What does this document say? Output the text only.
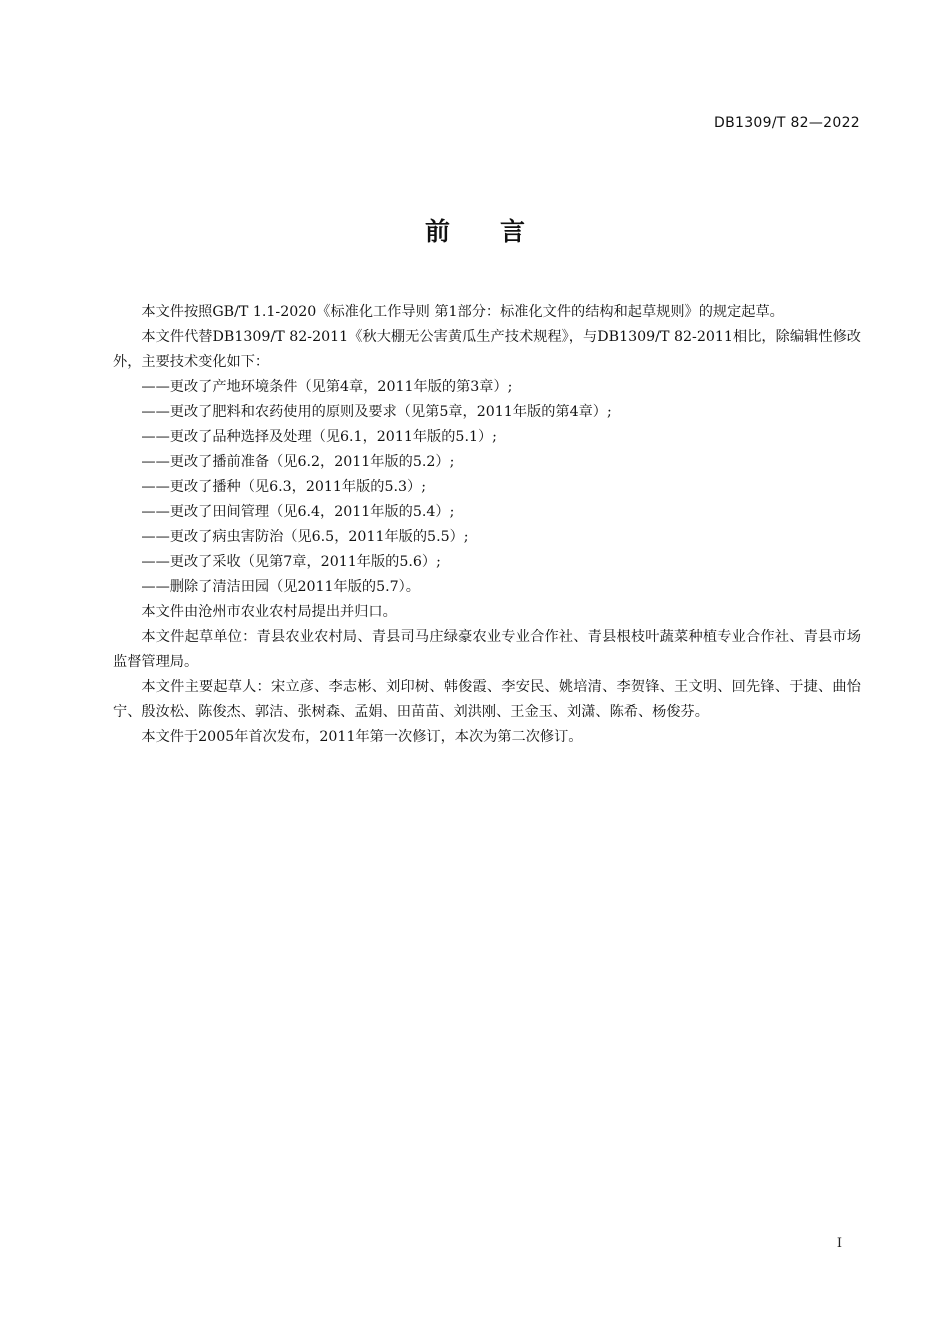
DB1309/T 82—2022
前言

本文件按照GB/T 1.1-2020《标准化工作导则 第1部分：标准化文件的结构和起草规则》的规定起草。

本文件代替DB1309/T 82-2011《秋大棚无公害黄瓜生产技术规程》，与DB1309/T 82-2011相比，除编辑性修改外，主要技术变化如下：

——更改了产地环境条件（见第4章，2011年版的第3章）;

——更改了肥料和农药使用的原则及要求（见第5章，2011年版的第4章）;

——更改了品种选择及处理（见6.1，2011年版的5.1）;

——更改了播前准备（见6.2，2011年版的5.2）;

——更改了播种（见6.3，2011年版的5.3）;

——更改了田间管理（见6.4，2011年版的5.4）;

——更改了病虫害防治（见6.5，2011年版的5.5）;

——更改了采收（见第7章，2011年版的5.6）;

——删除了清洁田园（见2011年版的5.7）。

本文件由沧州市农业农村局提出并归口。

本文件起草单位：青县农业农村局、青县司马庄绿豪农业专业合作社、青县根枝叶蔬菜种植专业合作社、青县市场监督管理局。

本文件主要起草人：宋立彦、李志彬、刘印树、韩俊霞、李安民、姚培清、李贺锋、王文明、回先锋、于捷、曲怡宁、殷汝松、陈俊杰、郭洁、张树森、孟娟、田苗苗、刘洪刚、王金玉、刘潇、陈希、杨俊芬。

本文件于2005年首次发布，2011年第一次修订，本次为第二次修订。

I
